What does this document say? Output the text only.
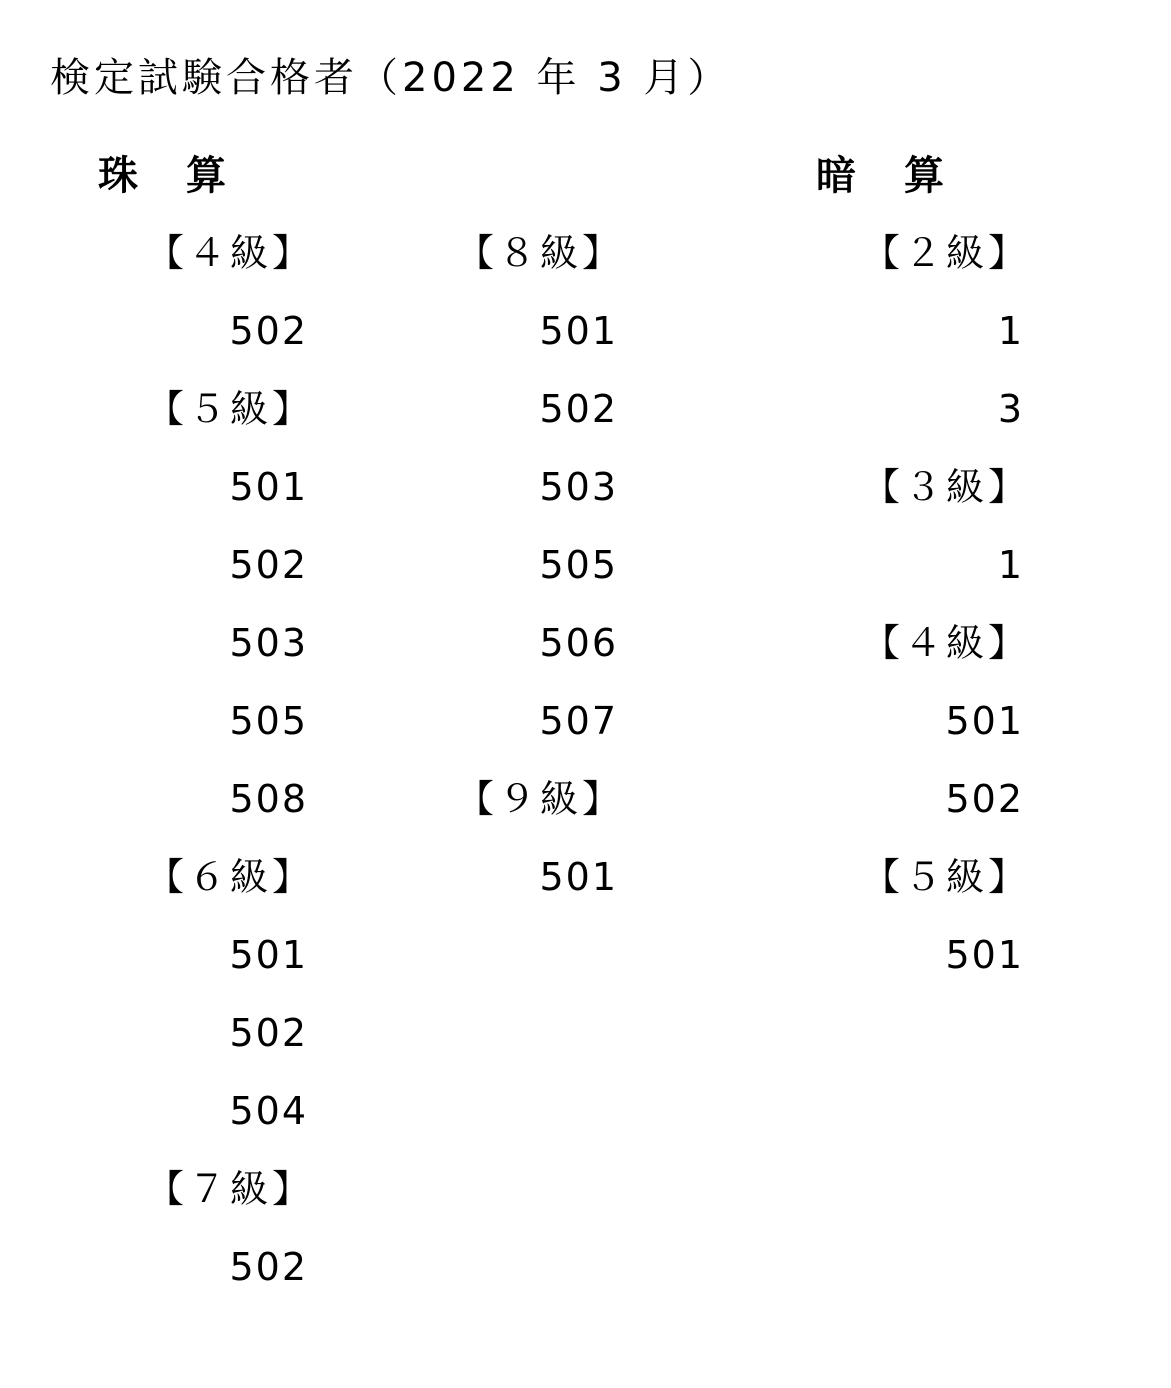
検定試験合格者（2022 年 3 月）
珠算	暗算
【４級】
502
【５級】
501
502
503
505
508
【６級】
501
502
504
【７級】
502
【８級】
501
502
503
505
506
507
【９級】
501
【２級】
1
3
【３級】
1
【４級】
501
502
【５級】
501
